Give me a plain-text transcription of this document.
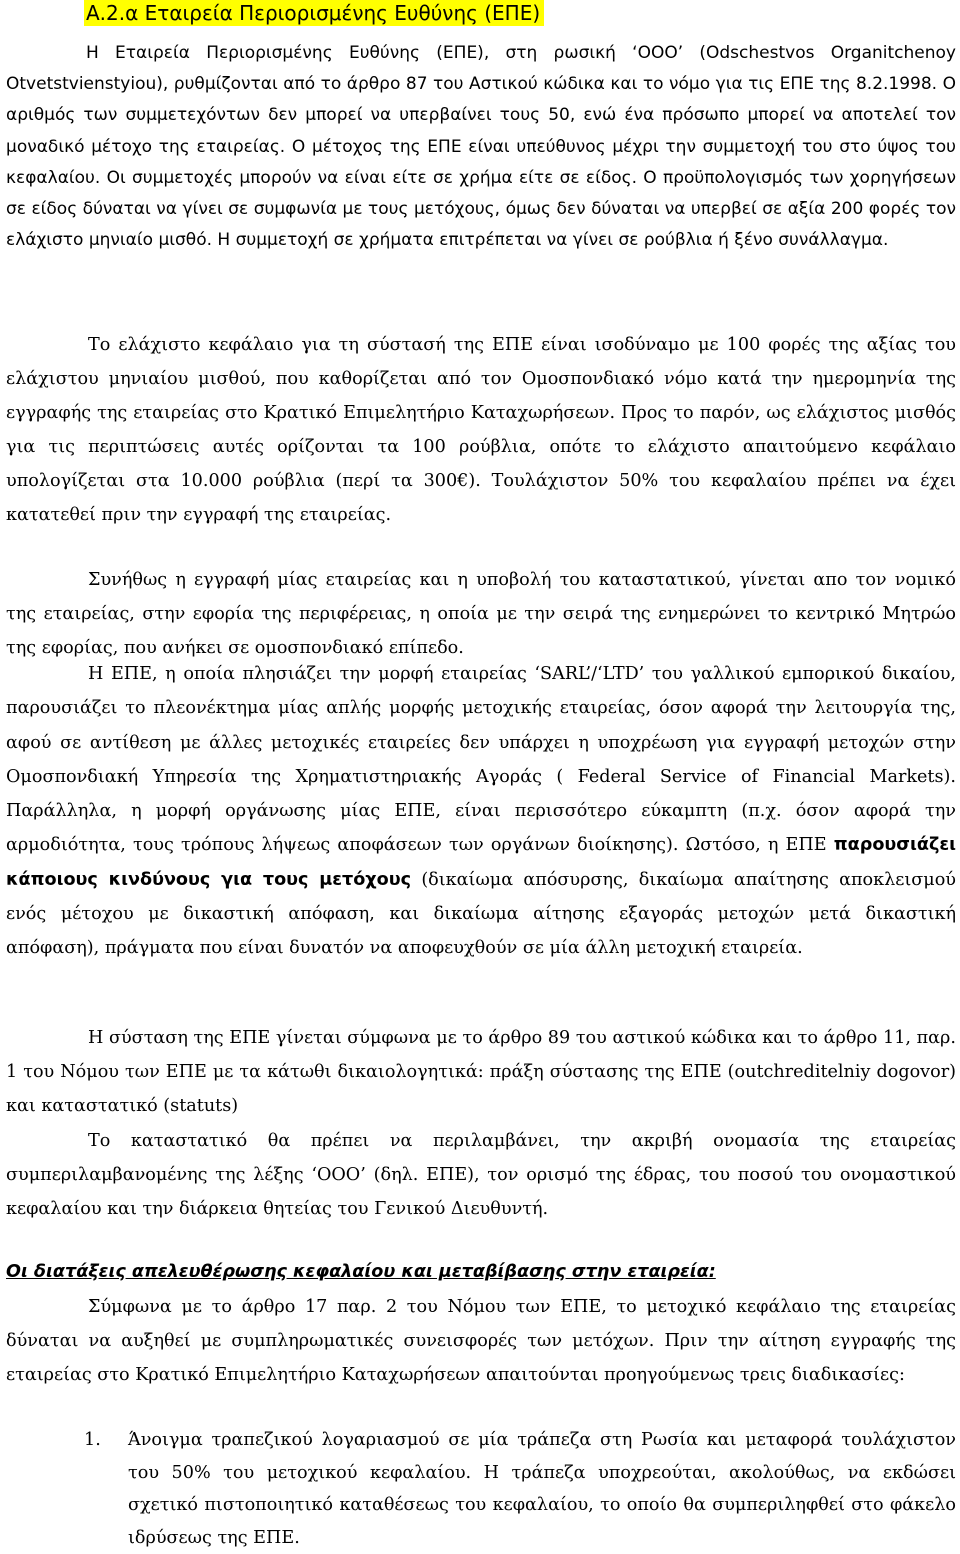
Α.2.α Εταιρεία Περιορισμένης Ευθύνης (ΕΠΕ)

Η Εταιρεία Περιορισμένης Ευθύνης (ΕΠΕ), στη ρωσική ‘ΟΟΟ’ (Odschestvos Organitchenoy Otvetstvienstyiou), ρυθμίζονται από το άρθρο 87 του Αστικού κώδικα και το νόμο για τις ΕΠΕ της 8.2.1998. Ο αριθμός των συμμετεχόντων δεν μπορεί να υπερβαίνει τους 50, ενώ ένα πρόσωπο μπορεί να αποτελεί τον μοναδικό μέτοχο της εταιρείας. Ο μέτοχος της ΕΠΕ είναι υπεύθυνος μέχρι την συμμετοχή του στο ύψος του κεφαλαίου. Οι συμμετοχές μπορούν να είναι είτε σε χρήμα είτε σε είδος. Ο προϋπολογισμός των χορηγήσεων σε είδος δύναται να γίνει σε συμφωνία με τους μετόχους, όμως δεν δύναται να υπερβεί σε αξία 200 φορές τον ελάχιστο μηνιαίο μισθό. Η συμμετοχή σε χρήματα επιτρέπεται να γίνει σε ρούβλια ή ξένο συνάλλαγμα.

Το ελάχιστο κεφάλαιο για τη σύστασή της ΕΠΕ είναι ισοδύναμο με 100 φορές της αξίας του ελάχιστου μηνιαίου μισθού, που καθορίζεται από τον Ομοσπονδιακό νόμο κατά την ημερομηνία της εγγραφής της εταιρείας στο Κρατικό Επιμελητήριο Καταχωρήσεων. Προς το παρόν, ως ελάχιστος μισθός για τις περιπτώσεις αυτές ορίζονται τα 100 ρούβλια, οπότε το ελάχιστο απαιτούμενο κεφάλαιο υπολογίζεται στα 10.000 ρούβλια (περί τα 300€). Τουλάχιστον 50% του κεφαλαίου πρέπει να έχει κατατεθεί πριν την εγγραφή της εταιρείας.

Συνήθως η εγγραφή μίας εταιρείας και η υποβολή του καταστατικού, γίνεται απο τον νομικό της εταιρείας, στην εφορία της περιφέρειας, η οποία με την σειρά της ενημερώνει το κεντρικό Μητρώο της εφορίας, που ανήκει σε ομοσπονδιακό επίπεδο.

Η ΕΠΕ, η οποία πλησιάζει την μορφή εταιρείας ‘SARL’/‘LTD’ του γαλλικού εμπορικού δικαίου, παρουσιάζει το πλεονέκτημα μίας απλής μορφής μετοχικής εταιρείας, όσον αφορά την λειτουργία της, αφού σε αντίθεση με άλλες μετοχικές εταιρείες δεν υπάρχει η υποχρέωση για εγγραφή μετοχών στην Ομοσπονδιακή Υπηρεσία της Χρηματιστηριακής Αγοράς ( Federal Service of Financial Markets). Παράλληλα, η μορφή οργάνωσης μίας ΕΠΕ, είναι περισσότερο εύκαμπτη (π.χ. όσον αφορά την αρμοδιότητα, τους τρόπους λήψεως αποφάσεων των οργάνων διοίκησης). Ωστόσο, η ΕΠΕ παρουσιάζει κάποιους κινδύνους για τους μετόχους (δικαίωμα απόσυρσης, δικαίωμα απαίτησης αποκλεισμού ενός μέτοχου με δικαστική απόφαση, και δικαίωμα αίτησης εξαγοράς μετοχών μετά δικαστική απόφαση), πράγματα που είναι δυνατόν να αποφευχθούν σε μία άλλη μετοχική εταιρεία.

Η σύσταση της ΕΠΕ γίνεται σύμφωνα με το άρθρο 89 του αστικού κώδικα και το άρθρο 11, παρ. 1 του Νόμου των ΕΠΕ με τα κάτωθι δικαιολογητικά: πράξη σύστασης της ΕΠΕ (outchreditelniy dogovor) και καταστατικό (statuts)

Το καταστατικό θα πρέπει να περιλαμβάνει, την ακριβή ονομασία της εταιρείας συμπεριλαμβανομένης της λέξης ‘ΟΟΟ’ (δηλ. ΕΠΕ), τον ορισμό της έδρας, του ποσού του ονομαστικού κεφαλαίου και την διάρκεια θητείας του Γενικού Διευθυντή.

Οι διατάξεις απελευθέρωσης κεφαλαίου και μεταβίβασης στην εταιρεία:

Σύμφωνα με το άρθρο 17 παρ. 2 του Νόμου των ΕΠΕ, το μετοχικό κεφάλαιο της εταιρείας δύναται να αυξηθεί με συμπληρωματικές συνεισφορές των μετόχων. Πριν την αίτηση εγγραφής της εταιρείας στο Κρατικό Επιμελητήριο Καταχωρήσεων απαιτούνται προηγούμενως τρεις διαδικασίες:

1. Άνοιγμα τραπεζικού λογαριασμού σε μία τράπεζα στη Ρωσία και μεταφορά τουλάχιστον του 50% του μετοχικού κεφαλαίου. Η τράπεζα υποχρεούται, ακολούθως, να εκδώσει σχετικό πιστοποιητικό καταθέσεως του κεφαλαίου, το οποίο θα συμπεριληφθεί στο φάκελο ιδρύσεως της ΕΠΕ.
